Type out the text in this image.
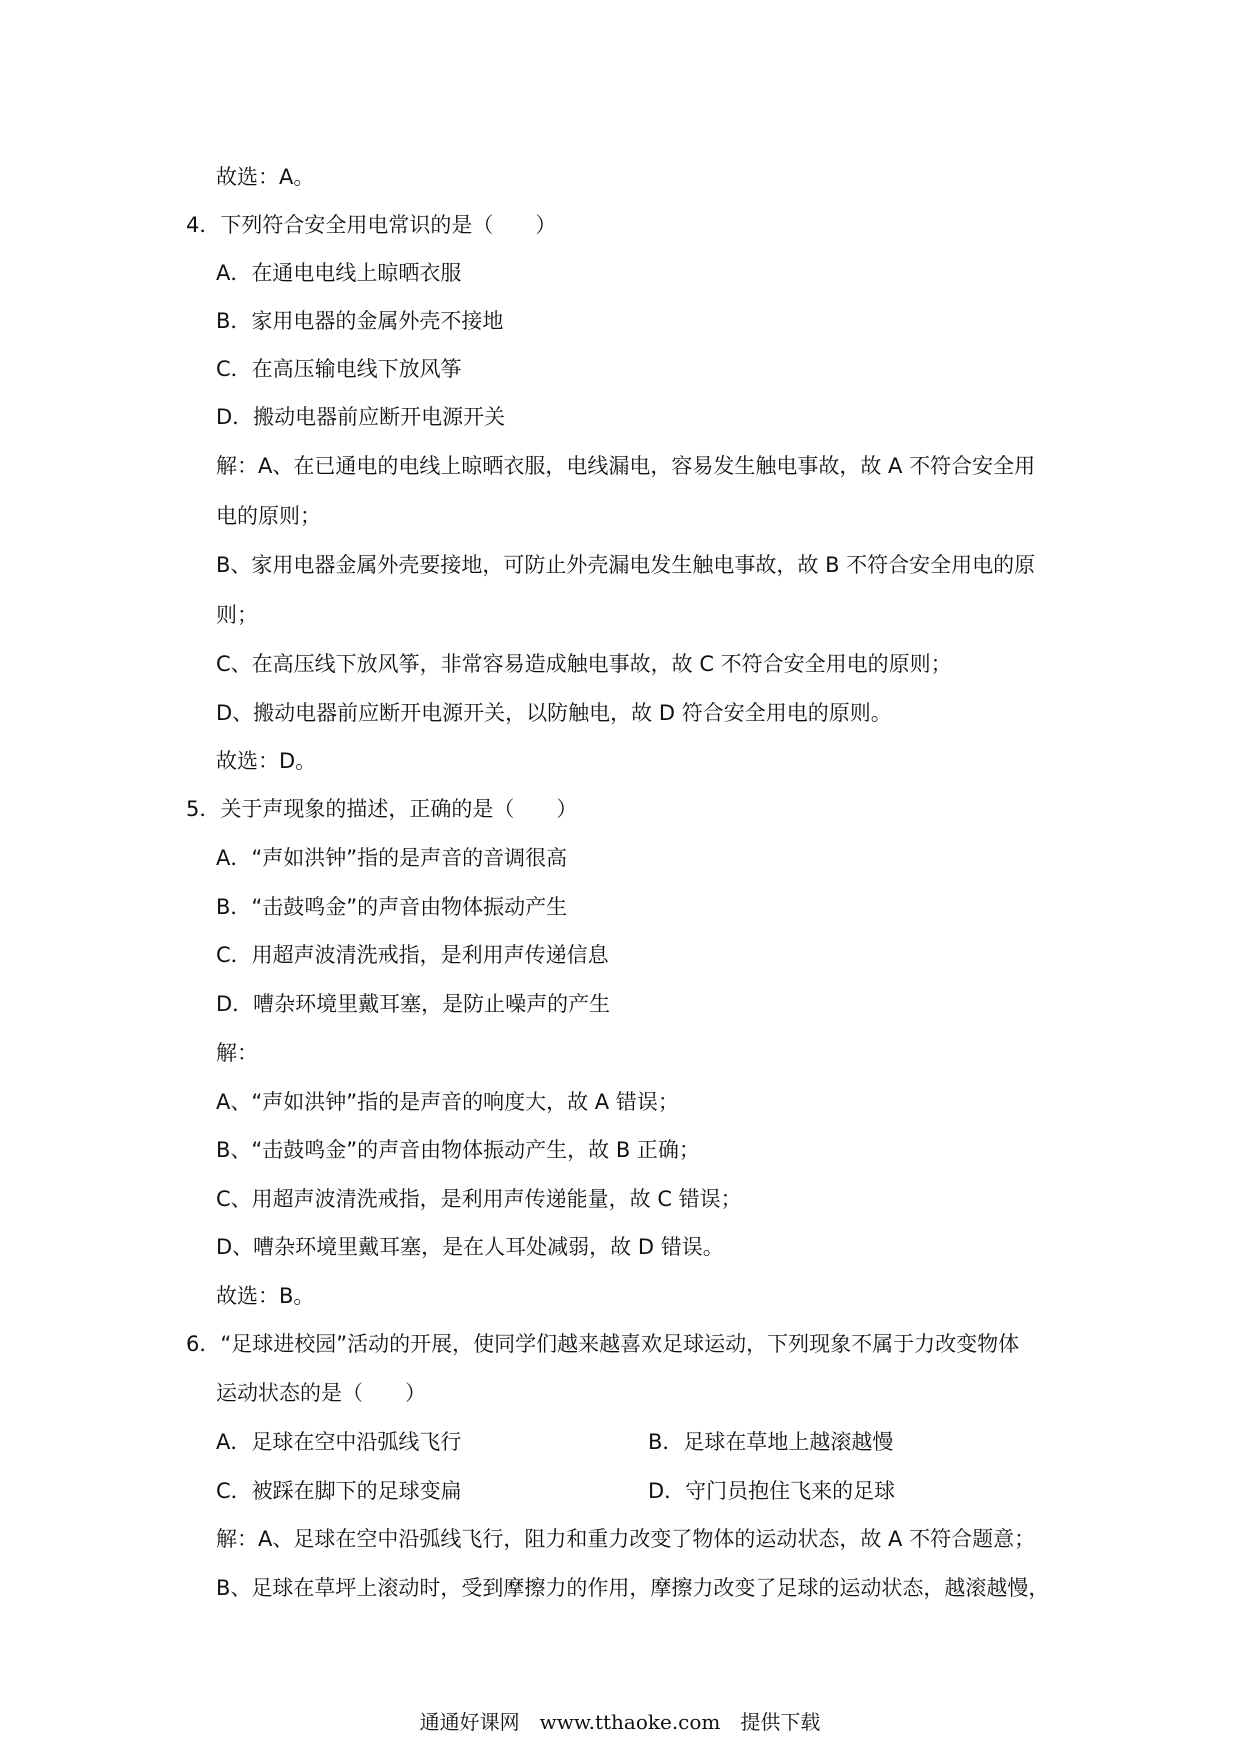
故选：A。
4．下列符合安全用电常识的是（　　）
A．在通电电线上晾晒衣服
B．家用电器的金属外壳不接地
C．在高压输电线下放风筝
D．搬动电器前应断开电源开关
解：A、在已通电的电线上晾晒衣服，电线漏电，容易发生触电事故，故 A 不符合安全用
电的原则；
B、家用电器金属外壳要接地，可防止外壳漏电发生触电事故，故 B 不符合安全用电的原
则；
C、在高压线下放风筝，非常容易造成触电事故，故 C 不符合安全用电的原则；
D、搬动电器前应断开电源开关，以防触电，故 D 符合安全用电的原则。
故选：D。
5．关于声现象的描述，正确的是（　　）
A．“声如洪钟”指的是声音的音调很高
B．“击鼓鸣金”的声音由物体振动产生
C．用超声波清洗戒指，是利用声传递信息
D．嘈杂环境里戴耳塞，是防止噪声的产生
解：
A、“声如洪钟”指的是声音的响度大，故 A 错误；
B、“击鼓鸣金”的声音由物体振动产生，故 B 正确；
C、用超声波清洗戒指，是利用声传递能量，故 C 错误；
D、嘈杂环境里戴耳塞，是在人耳处减弱，故 D 错误。
故选：B。
6．“足球进校园”活动的开展，使同学们越来越喜欢足球运动，下列现象不属于力改变物体
运动状态的是（　　）
A．足球在空中沿弧线飞行	B．足球在草地上越滚越慢
C．被踩在脚下的足球变扁	D．守门员抱住飞来的足球
解：A、足球在空中沿弧线飞行，阻力和重力改变了物体的运动状态，故 A 不符合题意；
B、足球在草坪上滚动时，受到摩擦力的作用，摩擦力改变了足球的运动状态，越滚越慢，
通通好课网　www.tthaoke.com　提供下载
